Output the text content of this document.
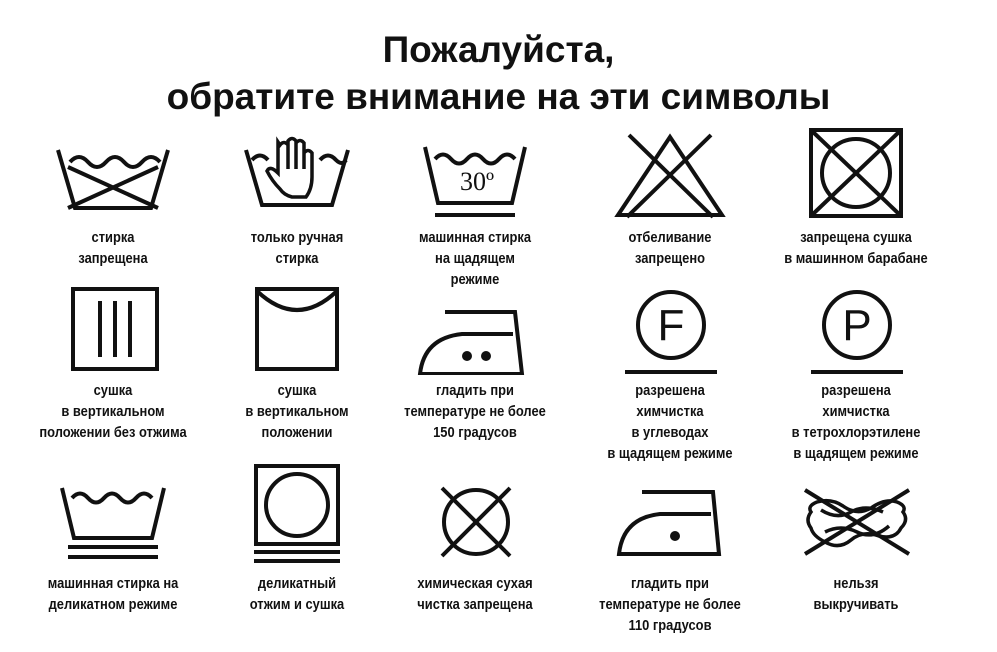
Пожалуйста,
обратите внимание на эти символы
стирка
запрещена
только ручная
стирка
30º
машинная стирка
на щадящем
режиме
отбеливание
запрещено
запрещена сушка
в машинном барабане
сушка
в вертикальном
положении без отжима
сушка
в вертикальном
положении
гладить при
температуре не более
150 градусов
F
разрешена
химчистка
в углеводах
в щадящем режиме
P
разрешена
химчистка
в тетрохлорэтилене
в щадящем режиме
машинная стирка на
деликатном режиме
деликатный
отжим и сушка
химическая сухая
чистка запрещена
гладить при
температуре не более
110 градусов
нельзя
выкручивать
